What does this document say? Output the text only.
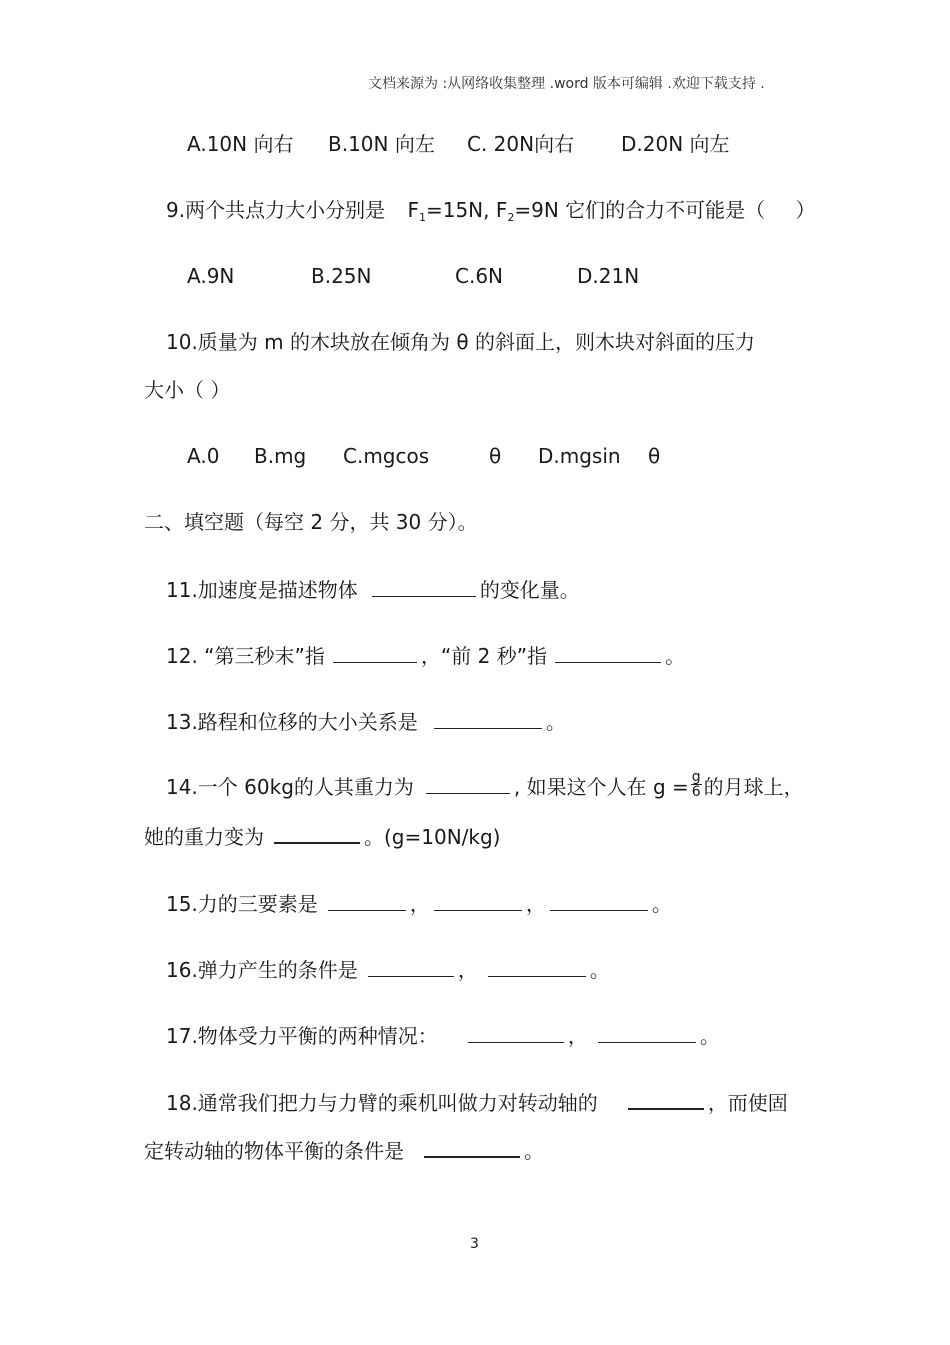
文档来源为 :从网络收集整理 .word 版本可编辑 .欢迎下载支持 .
A.10N 向右 B.10N 向左 C. 20N向右 D.20N 向左
9.两个共点力大小分别是 $F_1=15N$, $F_2=9N$ 它们的合力不可能是（ ）
A.9N	B.25N	C.6N	D.21N
10.质量为 m 的木块放在倾角为 θ 的斜面上，则木块对斜面的压力
大小（ ）
A.0 B.mg C.mgcos	θ D.mgsin θ
二、填空题（每空 2 分，共 30 分）。
11.加速度是描述物体	的变化量。
12. “第三秒末”指	，“前 2 秒”指	。
13.路程和位移的大小关系是	。
14.一个 60kg的人其重力为	, 如果这个人在 $g = \frac{g}{6}$ 的月球上，
她的重力变为	。(g=10N/kg)
15.力的三要素是	，	，	。
16.弹力产生的条件是	，	。
17.物体受力平衡的两种情况：	，	。
18.通常我们把力与力臂的乘机叫做力对转动轴的	，而使固
定转动轴的物体平衡的条件是	。
3
